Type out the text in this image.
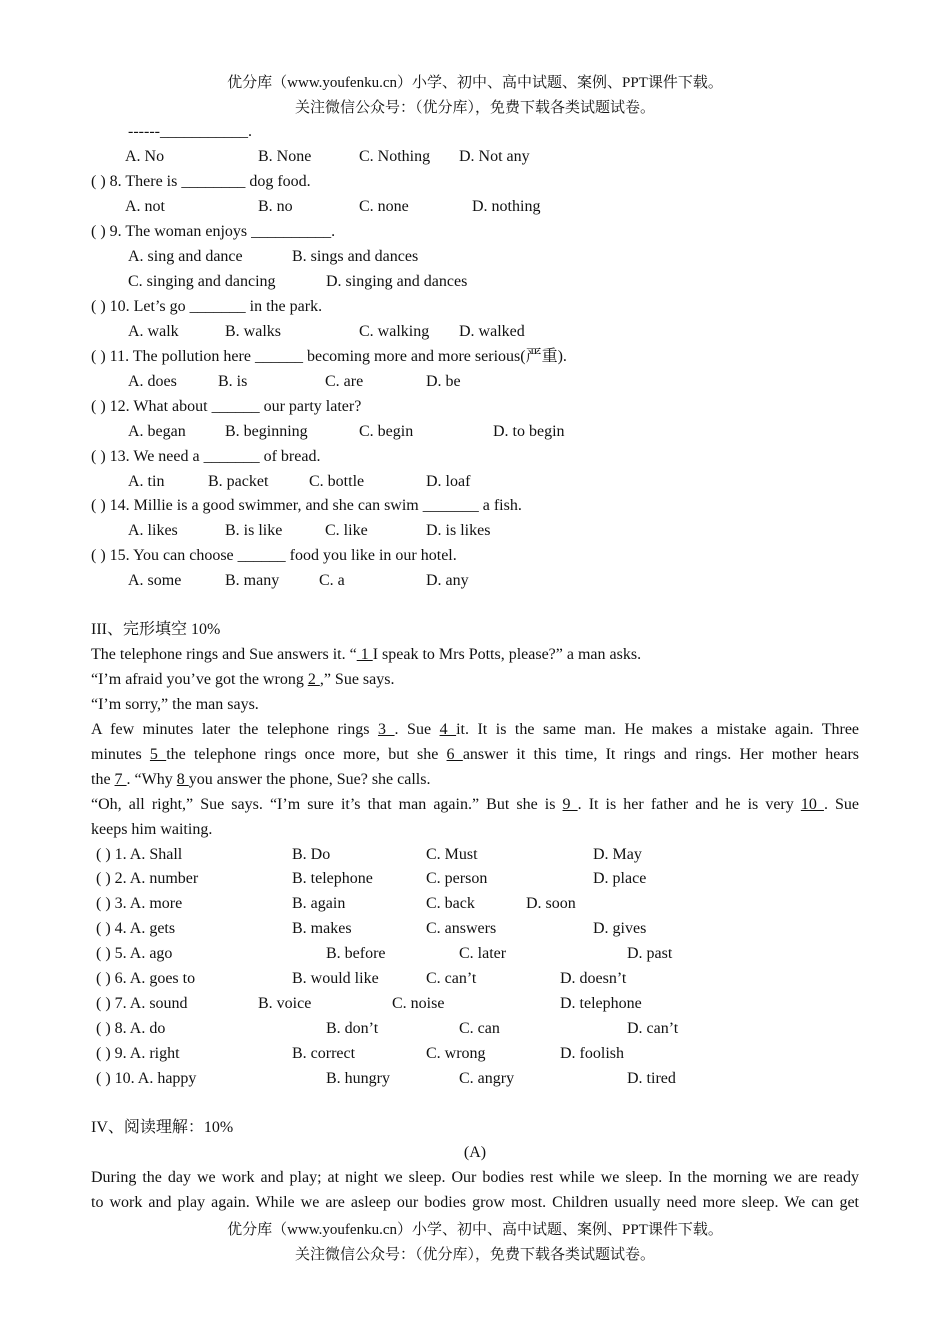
优分库（www.youfenku.cn）小学、初中、高中试题、案例、PPT课件下载。
关注微信公众号：（优分库），免费下载各类试题试卷。
------___________.
A. No	B. None	C. Nothing D. Not any
( ) 8. There is ________ dog food.
A. not	B. no	C. none	D. nothing
( ) 9. The woman enjoys __________.
A. sing and dance	B. sings and dances
C. singing and dancing	D. singing and dances
( ) 10. Let’s go _______ in the park.
A. walk	B. walks	C. walking D. walked
( ) 11. The pollution here ______ becoming more and more serious(严重).
A. does	B. is	C. are	D. be
( ) 12. What about ______ our party later?
A. began B. beginning	C. begin	D. to begin
( ) 13. We need a _______ of bread.
A. tin	B. packet	C. bottle	D. loaf
( ) 14. Millie is a good swimmer, and she can swim _______ a fish.
A. likes	B. is like	C. like	D. is likes
( ) 15. You can choose ______ food you like in our hotel.
A. some	B. many C. a	D. any
III、完形填空 10%
The telephone rings and Sue answers it. “ 1 I speak to Mrs Potts, please?” a man asks.
“I’m afraid you’ve got the wrong 2 ,” Sue says.
“I’m sorry,” the man says.
A few minutes later the telephone rings 3 . Sue 4 it. It is the same man. He makes a mistake again. Three
minutes 5 the telephone rings once more, but she 6 answer it this time, It rings and rings. Her mother hears
the 7 . “Why 8 you answer the phone, Sue? she calls.
“Oh, all right,” Sue says. “I’m sure it’s that man again.” But she is 9 . It is her father and he is very 10 . Sue
keeps him waiting.
( ) 1. A. Shall	B. Do	C. Must	D. May
( ) 2. A. number	B. telephone	C. person	D. place
( ) 3. A. more	B. again	C. back	D. soon
( ) 4. A. gets	B. makes	C. answers	D. gives
( ) 5. A. ago	B. before	C. later	D. past
( ) 6. A. goes to	B. would like	C. can’t	D. doesn’t
( ) 7. A. sound	B. voice	C. noise	D. telephone
( ) 8. A. do	B. don’t	C. can	D. can’t
( ) 9. A. right	B. correct	C. wrong	D. foolish
( ) 10. A. happy	B. hungry	C. angry	D. tired
IV、阅读理解：10%
(A)
During the day we work and play; at night we sleep. Our bodies rest while we sleep. In the morning we are ready
to work and play again. While we are asleep our bodies grow most. Children usually need more sleep. We can get
优分库（www.youfenku.cn）小学、初中、高中试题、案例、PPT课件下载。
关注微信公众号：（优分库），免费下载各类试题试卷。
